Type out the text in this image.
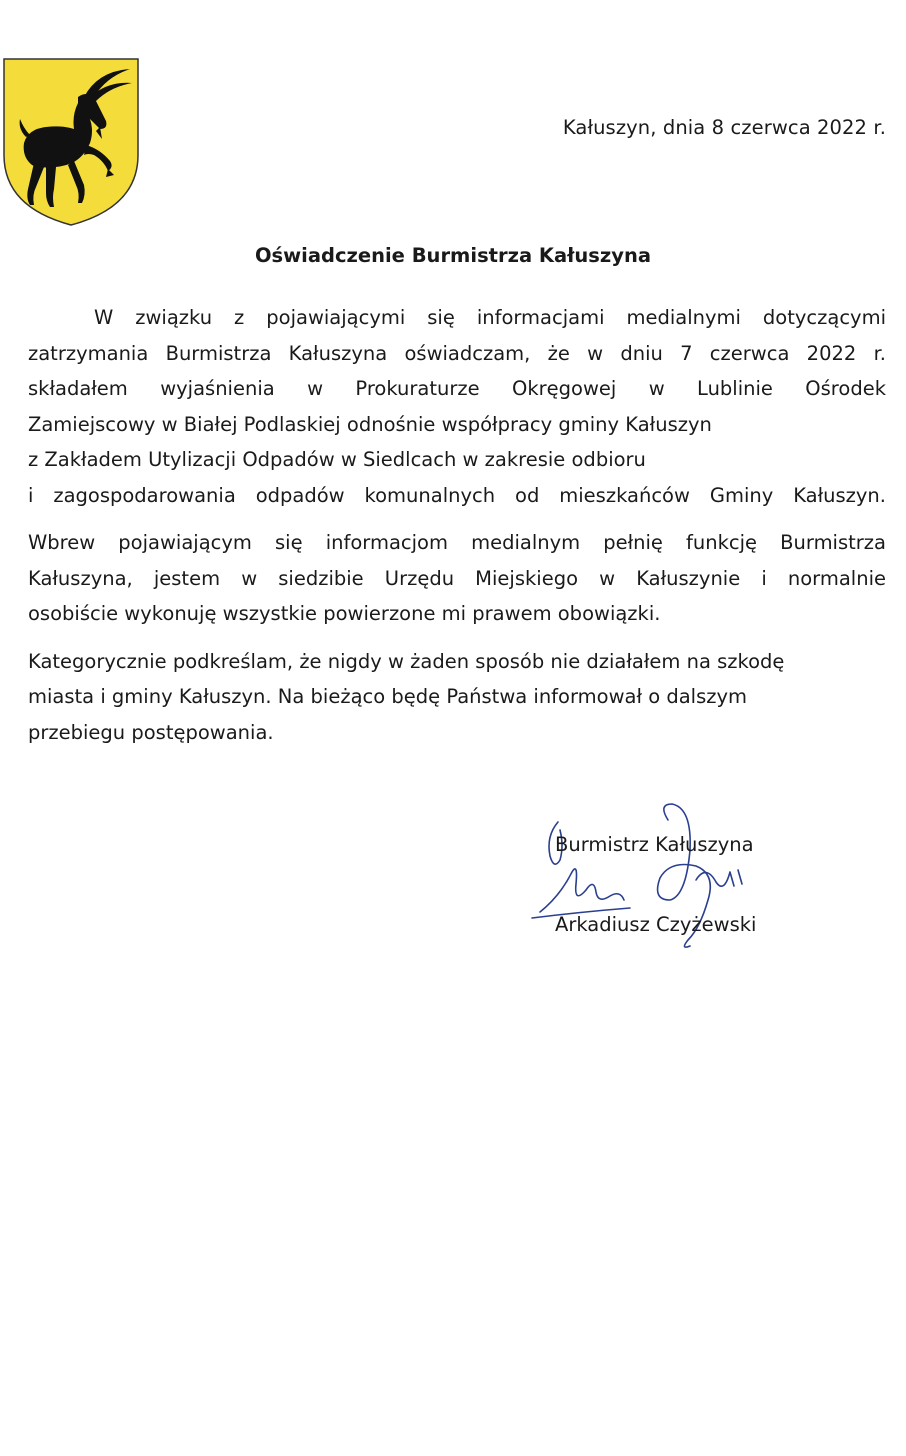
Kałuszyn, dnia 8 czerwca 2022 r.
Oświadczenie Burmistrza Kałuszyna

W związku z pojawiającymi się informacjami medialnymi dotyczącymi
zatrzymania Burmistrza Kałuszyna oświadczam, że w dniu 7 czerwca 2022 r.
składałem wyjaśnienia w Prokuraturze Okręgowej w Lublinie Ośrodek
Zamiejscowy w Białej Podlaskiej odnośnie współpracy gminy Kałuszyn
z Zakładem Utylizacji Odpadów w Siedlcach w zakresie odbioru
i zagospodarowania odpadów komunalnych od mieszkańców Gminy Kałuszyn.

Wbrew pojawiającym się informacjom medialnym pełnię funkcję Burmistrza
Kałuszyna, jestem w siedzibie Urzędu Miejskiego w Kałuszynie i normalnie
osobiście wykonuję wszystkie powierzone mi prawem obowiązki.

Kategorycznie podkreślam, że nigdy w żaden sposób nie działałem na szkodę
miasta i gminy Kałuszyn. Na bieżąco będę Państwa informował o dalszym
przebiegu postępowania.

Burmistrz Kałuszyna
Arkadiusz Czyżewski
